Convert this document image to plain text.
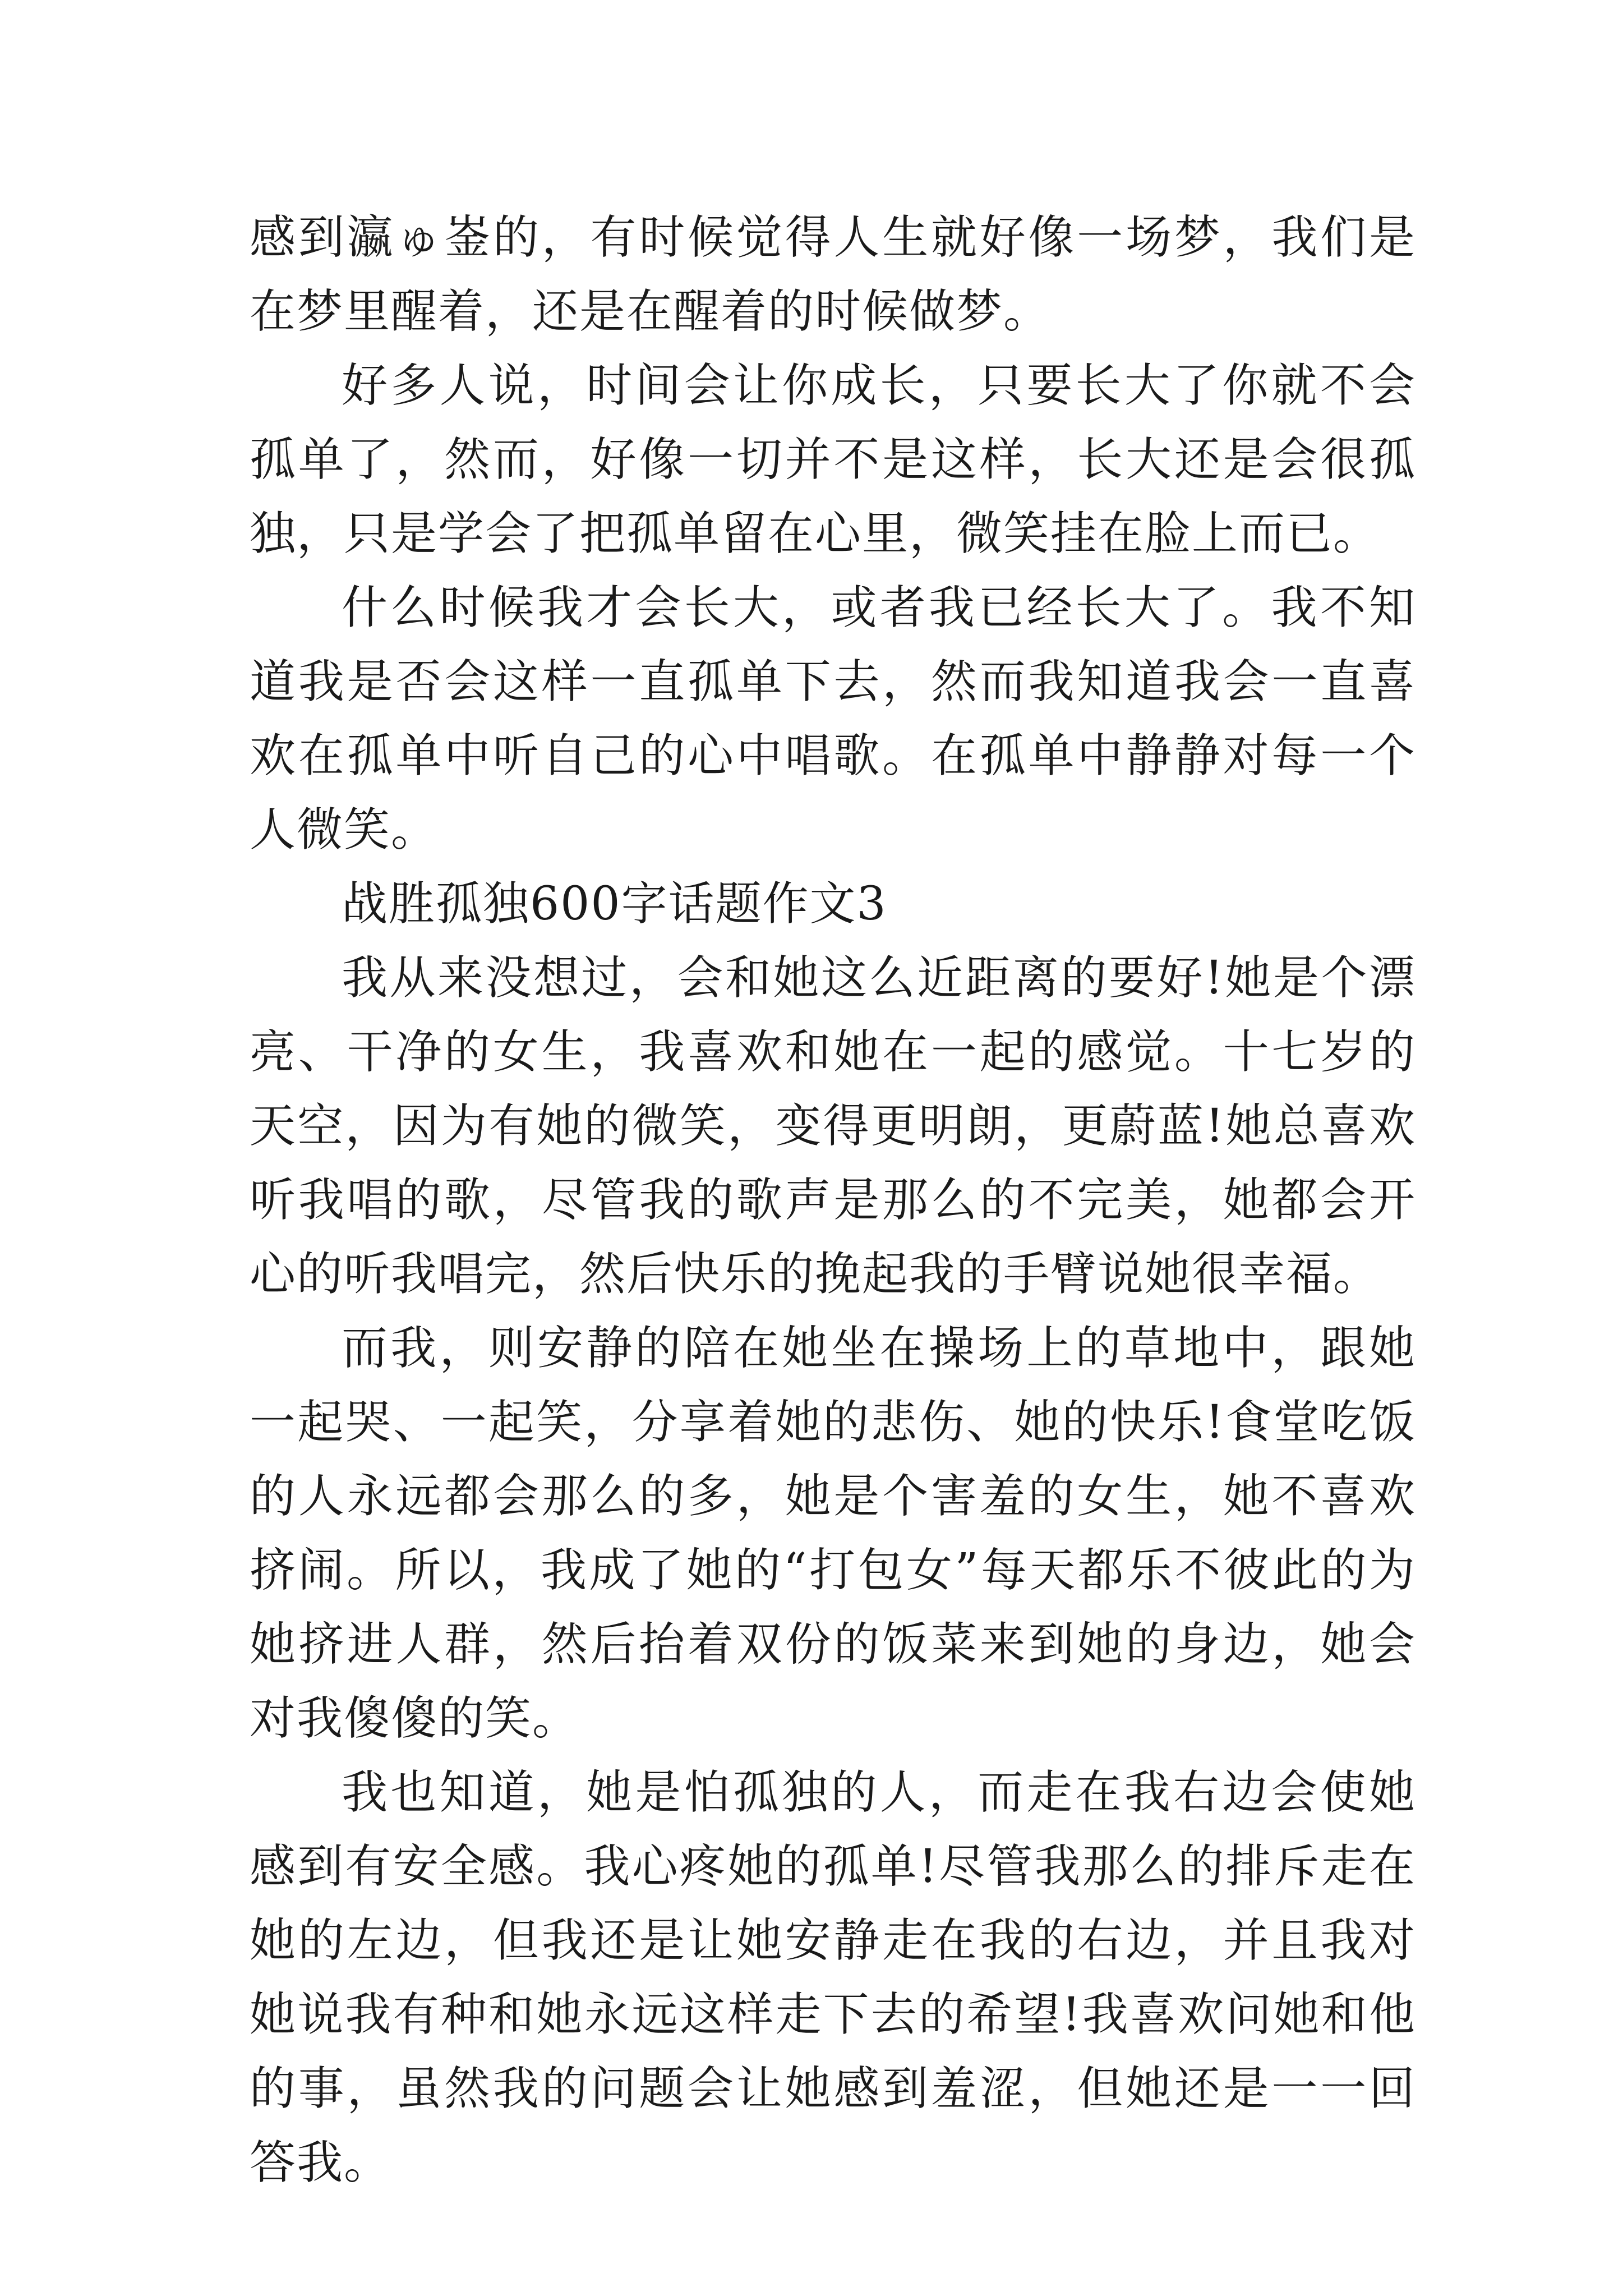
感到瀛ゅ崟的，有时候觉得人生就好像一场梦，我们是在梦里醒着，还是在醒着的时候做梦。

好多人说，时间会让你成长，只要长大了你就不会孤单了，然而，好像一切并不是这样，长大还是会很孤独，只是学会了把孤单留在心里，微笑挂在脸上而已。

什么时候我才会长大，或者我已经长大了。我不知道我是否会这样一直孤单下去，然而我知道我会一直喜欢在孤单中听自己的心中唱歌。在孤单中静静对每一个人微笑。

战胜孤独600字话题作文3

我从来没想过，会和她这么近距离的要好!她是个漂亮、干净的女生，我喜欢和她在一起的感觉。十七岁的天空，因为有她的微笑，变得更明朗，更蔚蓝!她总喜欢听我唱的歌，尽管我的歌声是那么的不完美，她都会开心的听我唱完，然后快乐的挽起我的手臂说她很幸福。

而我，则安静的陪在她坐在操场上的草地中，跟她一起哭、一起笑，分享着她的悲伤、她的快乐!食堂吃饭的人永远都会那么的多，她是个害羞的女生，她不喜欢挤闹。所以，我成了她的“打包女”每天都乐不彼此的为她挤进人群，然后抬着双份的饭菜来到她的身边，她会对我傻傻的笑。

我也知道，她是怕孤独的人，而走在我右边会使她感到有安全感。我心疼她的孤单!尽管我那么的排斥走在她的左边，但我还是让她安静走在我的右边，并且我对她说我有种和她永远这样走下去的希望!我喜欢问她和他的事，虽然我的问题会让她感到羞涩，但她还是一一回答我。
